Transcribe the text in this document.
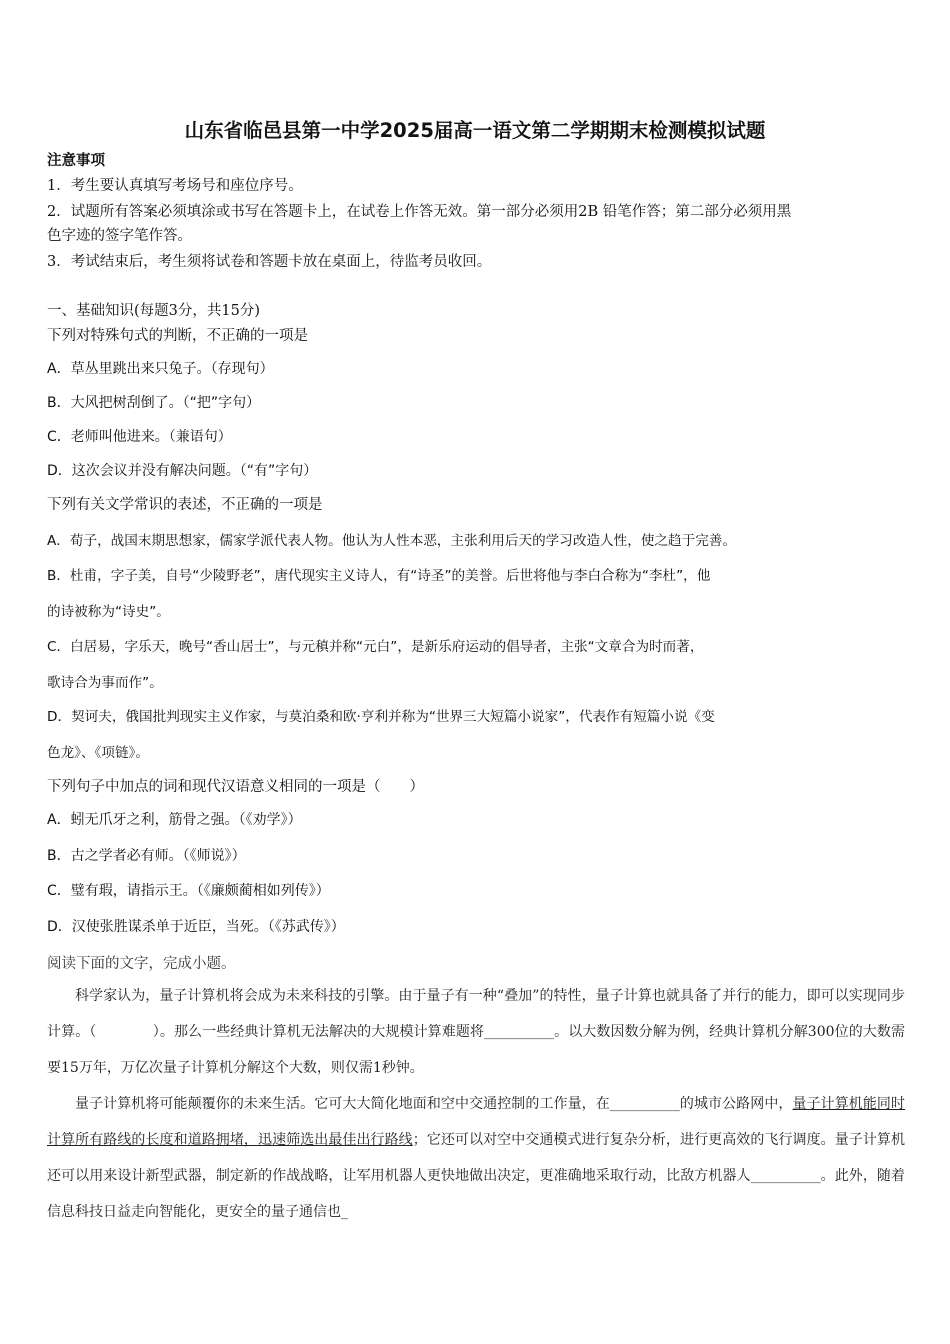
山东省临邑县第一中学2025届高一语文第二学期期末检测模拟试题
注意事项
1．考生要认真填写考场号和座位序号。
2．试题所有答案必须填涂或书写在答题卡上，在试卷上作答无效。第一部分必须用2B 铅笔作答；第二部分必须用黑
色字迹的签字笔作答。
3．考试结束后，考生须将试卷和答题卡放在桌面上，待监考员收回。
一、基础知识(每题3分，共15分)
下列对特殊句式的判断，不正确的一项是
A．草丛里跳出来只兔子。（存现句）
B．大风把树刮倒了。（“把”字句）
C．老师叫他进来。（兼语句）
D．这次会议并没有解决问题。（“有”字句）
下列有关文学常识的表述，不正确的一项是
A．荀子，战国末期思想家，儒家学派代表人物。他认为人性本恶，主张利用后天的学习改造人性，使之趋于完善。
B．杜甫，字子美，自号“少陵野老”，唐代现实主义诗人，有“诗圣”的美誉。后世将他与李白合称为“李杜”，他
的诗被称为“诗史”。
C．白居易，字乐天，晚号“香山居士”，与元稹并称“元白”，是新乐府运动的倡导者，主张“文章合为时而著，
歌诗合为事而作”。
D．契诃夫，俄国批判现实主义作家，与莫泊桑和欧·亨利并称为“世界三大短篇小说家”，代表作有短篇小说《变
色龙》、《项链》。
下列句子中加点的词和现代汉语意义相同的一项是（　　）
A．蚓无爪牙之利，筋骨之强。（《劝学》）
B．古之学者必有师。（《师说》）
C．璧有瑕，请指示王。（《廉颇蔺相如列传》）
D．汉使张胜谋杀单于近臣，当死。（《苏武传》）
阅读下面的文字，完成小题。

科学家认为，量子计算机将会成为未来科技的引擎。由于量子有一种“叠加”的特性，量子计算也就具备了并行的能力，即可以实现同步计算。（　　　　）。那么一些经典计算机无法解决的大规模计算难题将__________。以大数因数分解为例，经典计算机分解300位的大数需要15万年，万亿次量子计算机分解这个大数，则仅需1秒钟。

量子计算机将可能颠覆你的未来生活。它可大大简化地面和空中交通控制的工作量，在__________的城市公路网中，量子计算机能同时计算所有路线的长度和道路拥堵，迅速筛选出最佳出行路线；它还可以对空中交通模式进行复杂分析，进行更高效的飞行调度。量子计算机还可以用来设计新型武器，制定新的作战战略，让军用机器人更快地做出决定，更准确地采取行动，比敌方机器人__________。此外，随着信息科技日益走向智能化，更安全的量子通信也_
